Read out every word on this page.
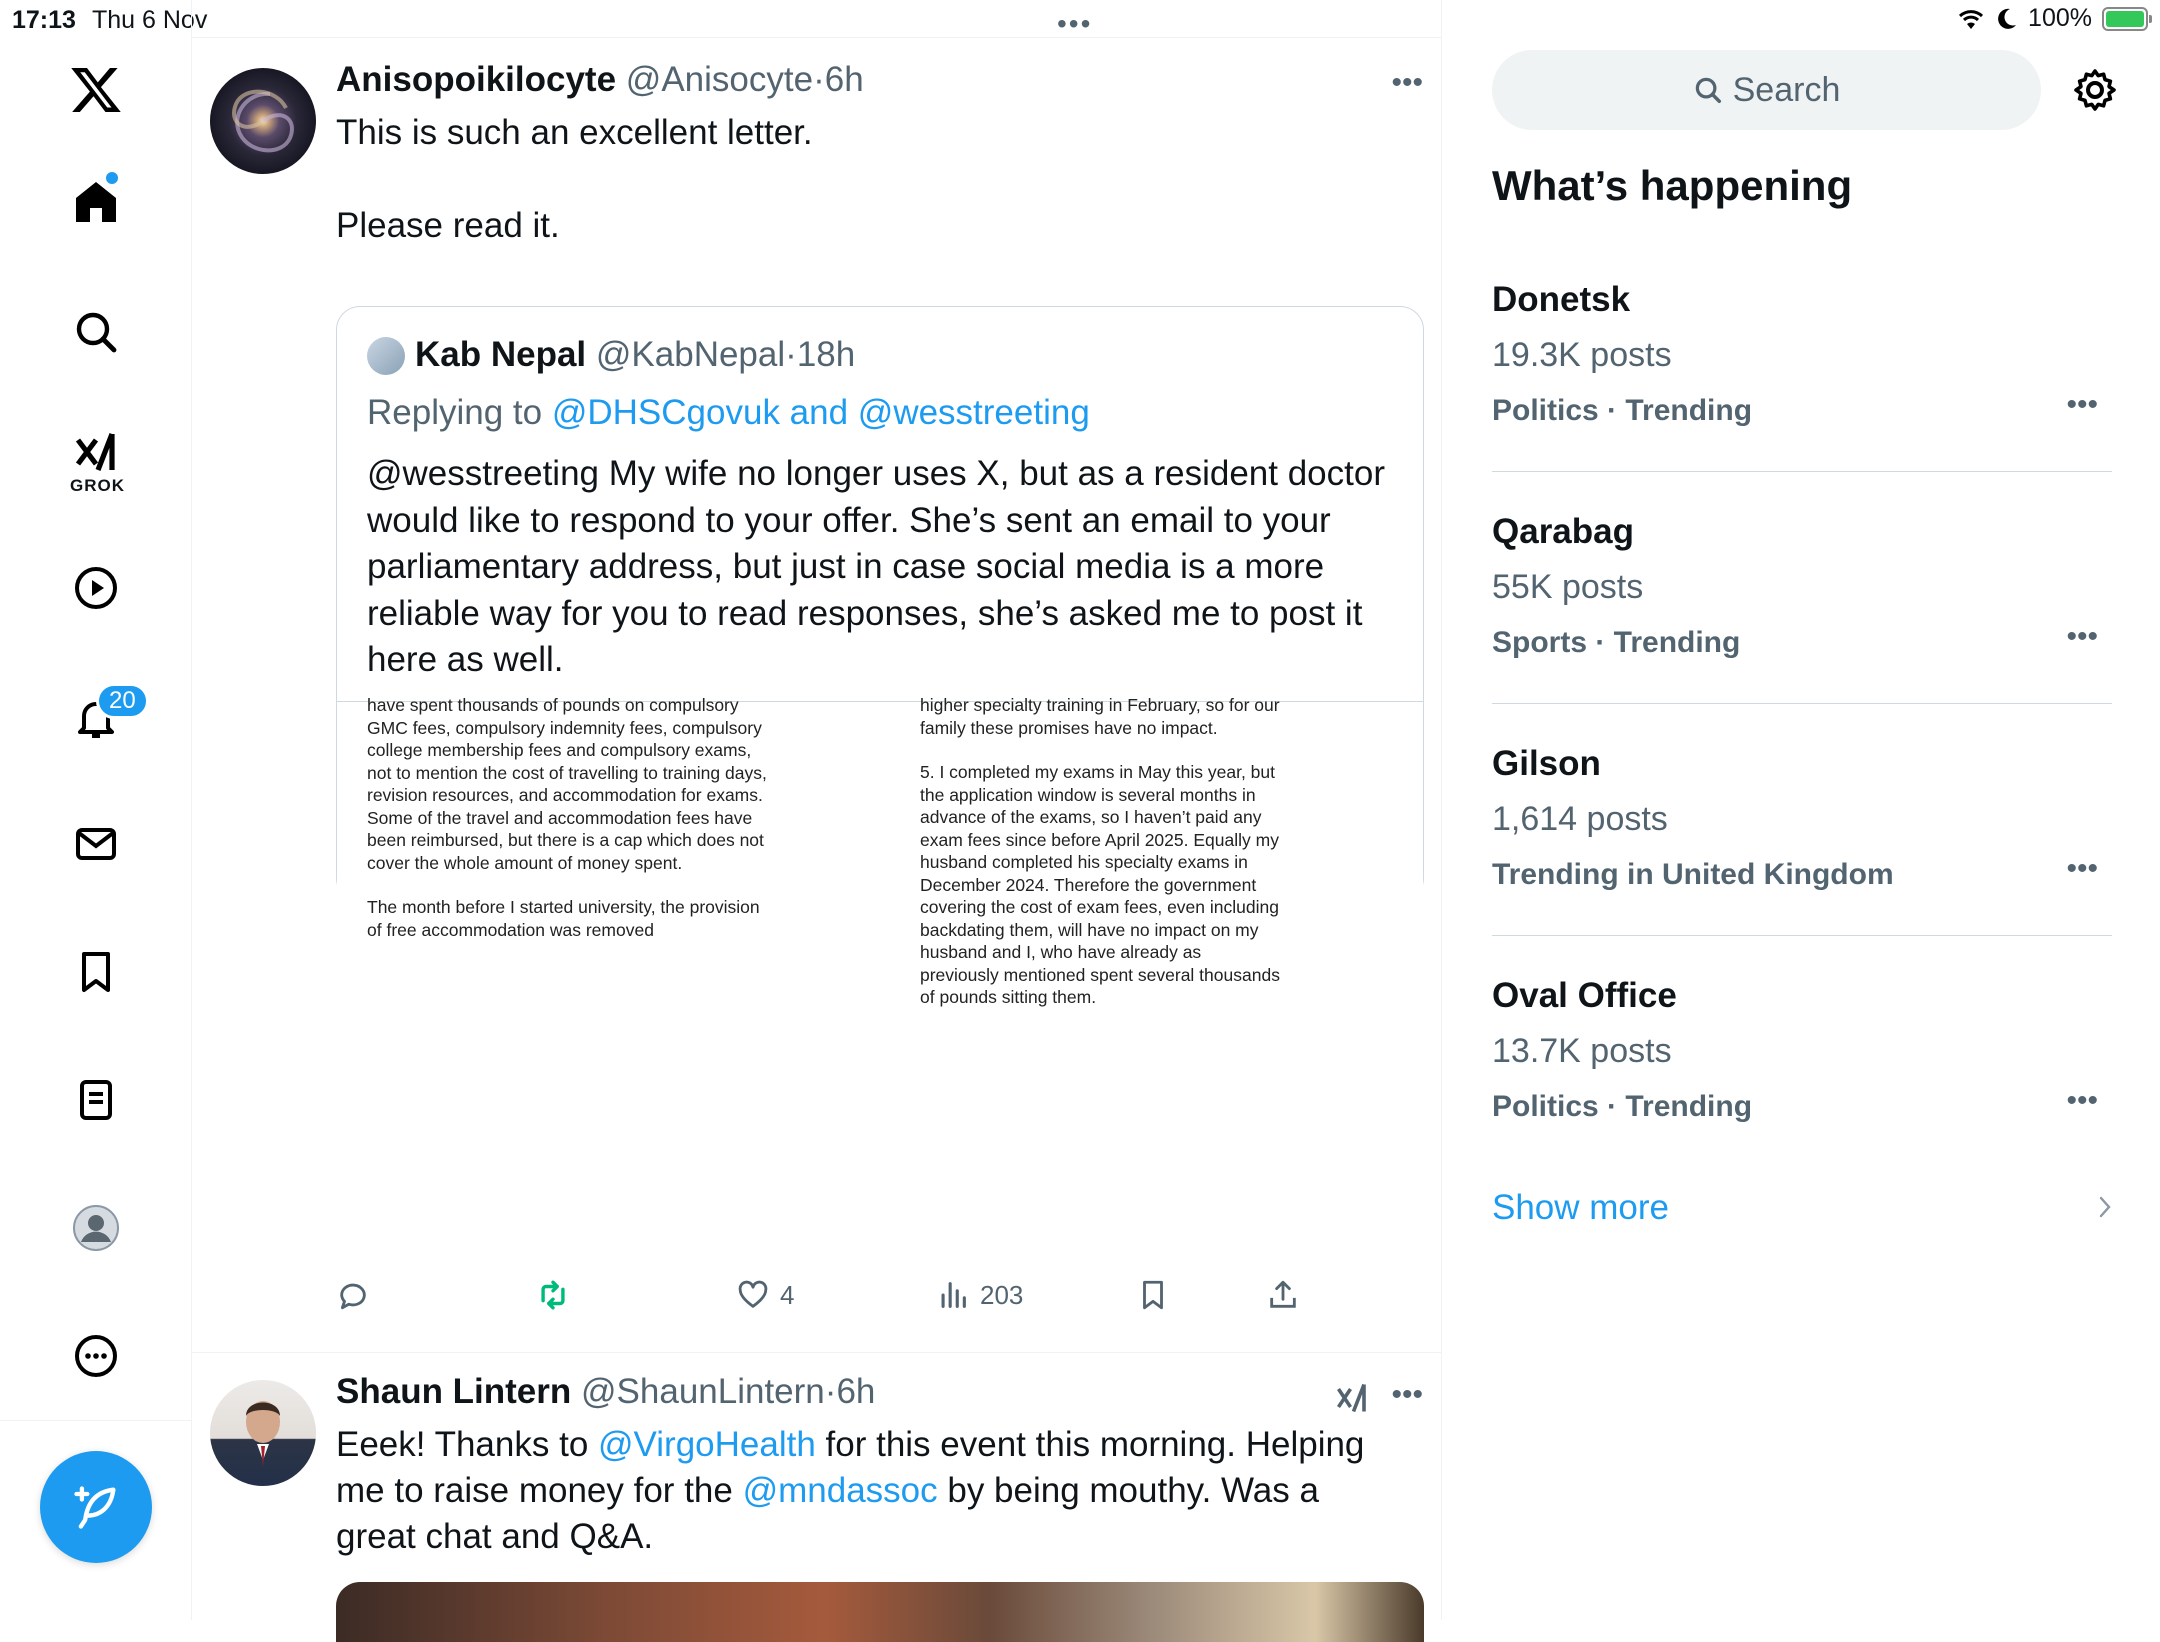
17:13 Thu 6 Nov	100%
GROK
20
•••
Anisopoikilocyte @Anisocyte·6h	•••
This is such an excellent letter.
Please read it.
Kab Nepal @KabNepal·18h
Replying to @DHSCgovuk and @wesstreeting
@wesstreeting My wife no longer uses X, but as a resident doctor would like to respond to your offer. She’s sent an email to your parliamentary address, but just in case social media is a more reliable way for you to read responses, she’s asked me to post it here as well.
have spent thousands of pounds on compulsory GMC fees, compulsory indemnity fees, compulsory college membership fees and compulsory exams, not to mention the cost of travelling to training days, revision resources, and accommodation for exams. Some of the travel and accommodation fees have been reimbursed, but there is a cap which does not cover the whole amount of money spent.
The month before I started university, the provision of free accommodation was removed
higher specialty training in February, so for our family these promises have no impact.
5. I completed my exams in May this year, but the application window is several months in advance of the exams, so I haven’t paid any exam fees since before April 2025. Equally my husband completed his specialty exams in December 2024. Therefore the government covering the cost of exam fees, even including backdating them, will have no impact on my husband and I, who have already as previously mentioned spent several thousands of pounds sitting them.
4	203
Shaun Lintern @ShaunLintern·6h	•••
Eeek! Thanks to @VirgoHealth for this event this morning. Helping me to raise money for the @mndassoc by being mouthy. Was a great chat and Q&A.
Search
What’s happening
Donetsk
19.3K posts
Politics · Trending	•••
Qarabag
55K posts
Sports · Trending	•••
Gilson
1,614 posts
Trending in United Kingdom	•••
Oval Office
13.7K posts
Politics · Trending	•••
Show more
